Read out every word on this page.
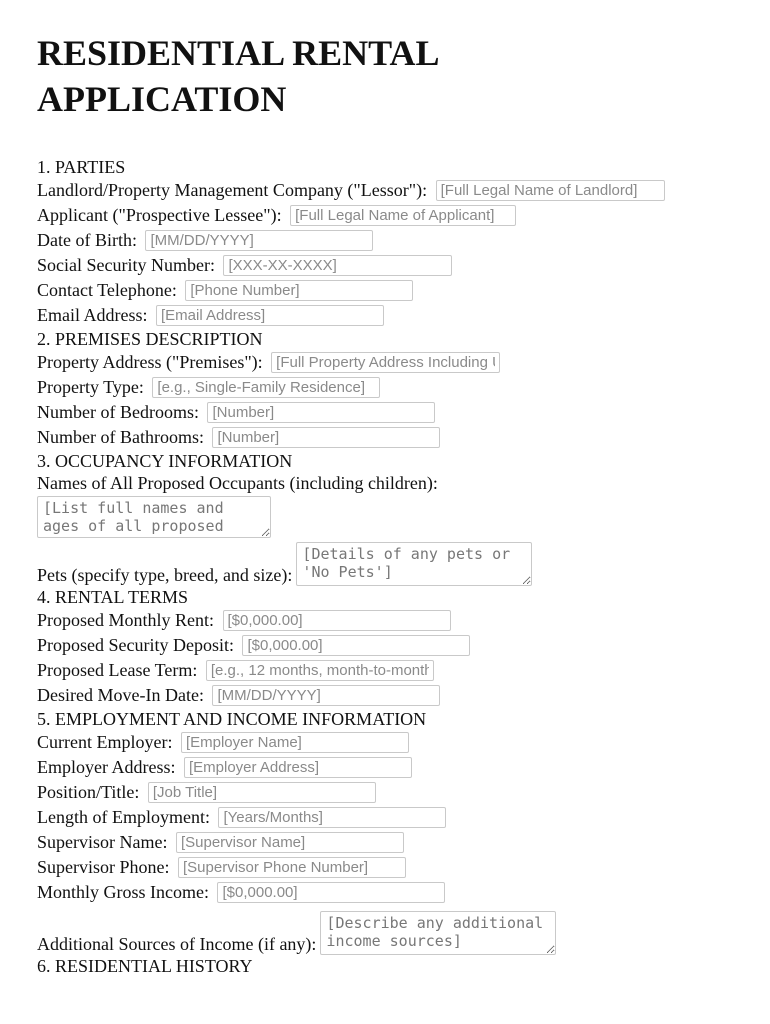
RESIDENTIAL RENTAL APPLICATION
1. PARTIES
Landlord/Property Management Company ("Lessor"): [Full Legal Name of Landlord]
Applicant ("Prospective Lessee"): [Full Legal Name of Applicant]
Date of Birth: [MM/DD/YYYY]
Social Security Number: [XXX-XX-XXXX]
Contact Telephone: [Phone Number]
Email Address: [Email Address]
2. PREMISES DESCRIPTION
Property Address ("Premises"): [Full Property Address Including Unit]
Property Type: [e.g., Single-Family Residence]
Number of Bedrooms: [Number]
Number of Bathrooms: [Number]
3. OCCUPANCY INFORMATION
Names of All Proposed Occupants (including children):
[List full names and ages of all proposed occupants]
Pets (specify type, breed, and size):[Details of any pets or 'No Pets']
4. RENTAL TERMS
Proposed Monthly Rent: [$0,000.00]
Proposed Security Deposit: [$0,000.00]
Proposed Lease Term: [e.g., 12 months, month-to-month]
Desired Move-In Date: [MM/DD/YYYY]
5. EMPLOYMENT AND INCOME INFORMATION
Current Employer: [Employer Name]
Employer Address: [Employer Address]
Position/Title: [Job Title]
Length of Employment: [Years/Months]
Supervisor Name: [Supervisor Name]
Supervisor Phone: [Supervisor Phone Number]
Monthly Gross Income: [$0,000.00]
Additional Sources of Income (if any):[Describe any additional income sources]
6. RESIDENTIAL HISTORY
